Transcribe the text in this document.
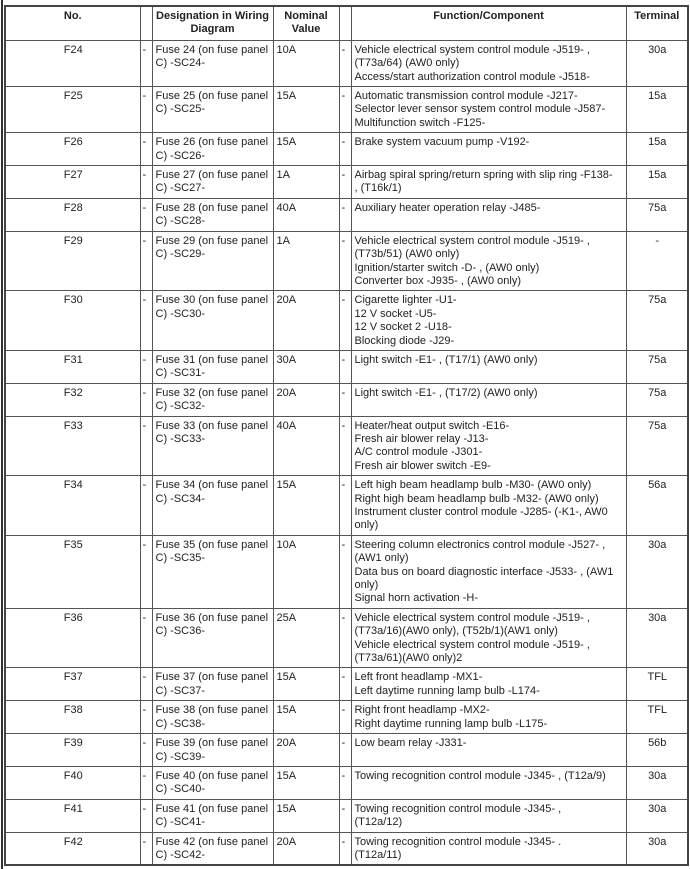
No.		Designation in Wiring Diagram	Nominal Value		Function/Component	Terminal
F24	-	Fuse 24 (on fuse panel C) -SC24-	10A	-	Vehicle electrical system control module -J519- ,
(T73a/64) (AW0 only)
Access/start authorization control module -J518-	30a
F25	-	Fuse 25 (on fuse panel C) -SC25-	15A	-	Automatic transmission control module -J217-
Selector lever sensor system control module -J587-
Multifunction switch -F125-	15a
F26	-	Fuse 26 (on fuse panel C) -SC26-	15A	-	Brake system vacuum pump -V192-	15a
F27	-	Fuse 27 (on fuse panel C) -SC27-	1A	-	Airbag spiral spring/return spring with slip ring -F138-
, (T16k/1)	15a
F28	-	Fuse 28 (on fuse panel C) -SC28-	40A	-	Auxiliary heater operation relay -J485-	75a
F29	-	Fuse 29 (on fuse panel C) -SC29-	1A	-	Vehicle electrical system control module -J519- ,
(T73b/51) (AW0 only)
Ignition/starter switch -D- , (AW0 only)
Converter box -J935- , (AW0 only)	-
F30	-	Fuse 30 (on fuse panel C) -SC30-	20A	-	Cigarette lighter -U1-
12 V socket -U5-
12 V socket 2 -U18-
Blocking diode -J29-	75a
F31	-	Fuse 31 (on fuse panel C) -SC31-	30A	-	Light switch -E1- , (T17/1) (AW0 only)	75a
F32	-	Fuse 32 (on fuse panel C) -SC32-	20A	-	Light switch -E1- , (T17/2) (AW0 only)	75a
F33	-	Fuse 33 (on fuse panel C) -SC33-	40A	-	Heater/heat output switch -E16-
Fresh air blower relay -J13-
A/C control module -J301-
Fresh air blower switch -E9-	75a
F34	-	Fuse 34 (on fuse panel C) -SC34-	15A	-	Left high beam headlamp bulb -M30- (AW0 only)
Right high beam headlamp bulb -M32- (AW0 only)
Instrument cluster control module -J285- (-K1-, AW0
only)	56a
F35	-	Fuse 35 (on fuse panel C) -SC35-	10A	-	Steering column electronics control module -J527- ,
(AW1 only)
Data bus on board diagnostic interface -J533- , (AW1
only)
Signal horn activation -H-	30a
F36	-	Fuse 36 (on fuse panel C) -SC36-	25A	-	Vehicle electrical system control module -J519- ,
(T73a/16)(AW0 only), (T52b/1)(AW1 only)
Vehicle electrical system control module -J519- ,
(T73a/61)(AW0 only)2	30a
F37	-	Fuse 37 (on fuse panel C) -SC37-	15A	-	Left front headlamp -MX1-
Left daytime running lamp bulb -L174-	TFL
F38	-	Fuse 38 (on fuse panel C) -SC38-	15A	-	Right front headlamp -MX2-
Right daytime running lamp bulb -L175-	TFL
F39	-	Fuse 39 (on fuse panel C) -SC39-	20A	-	Low beam relay -J331-	56b
F40	-	Fuse 40 (on fuse panel C) -SC40-	15A	-	Towing recognition control module -J345- , (T12a/9)	30a
F41	-	Fuse 41 (on fuse panel C) -SC41-	15A	-	Towing recognition control module -J345- ,
(T12a/12)	30a
F42	-	Fuse 42 (on fuse panel C) -SC42-	20A	-	Towing recognition control module -J345- .
(T12a/11)	30a
